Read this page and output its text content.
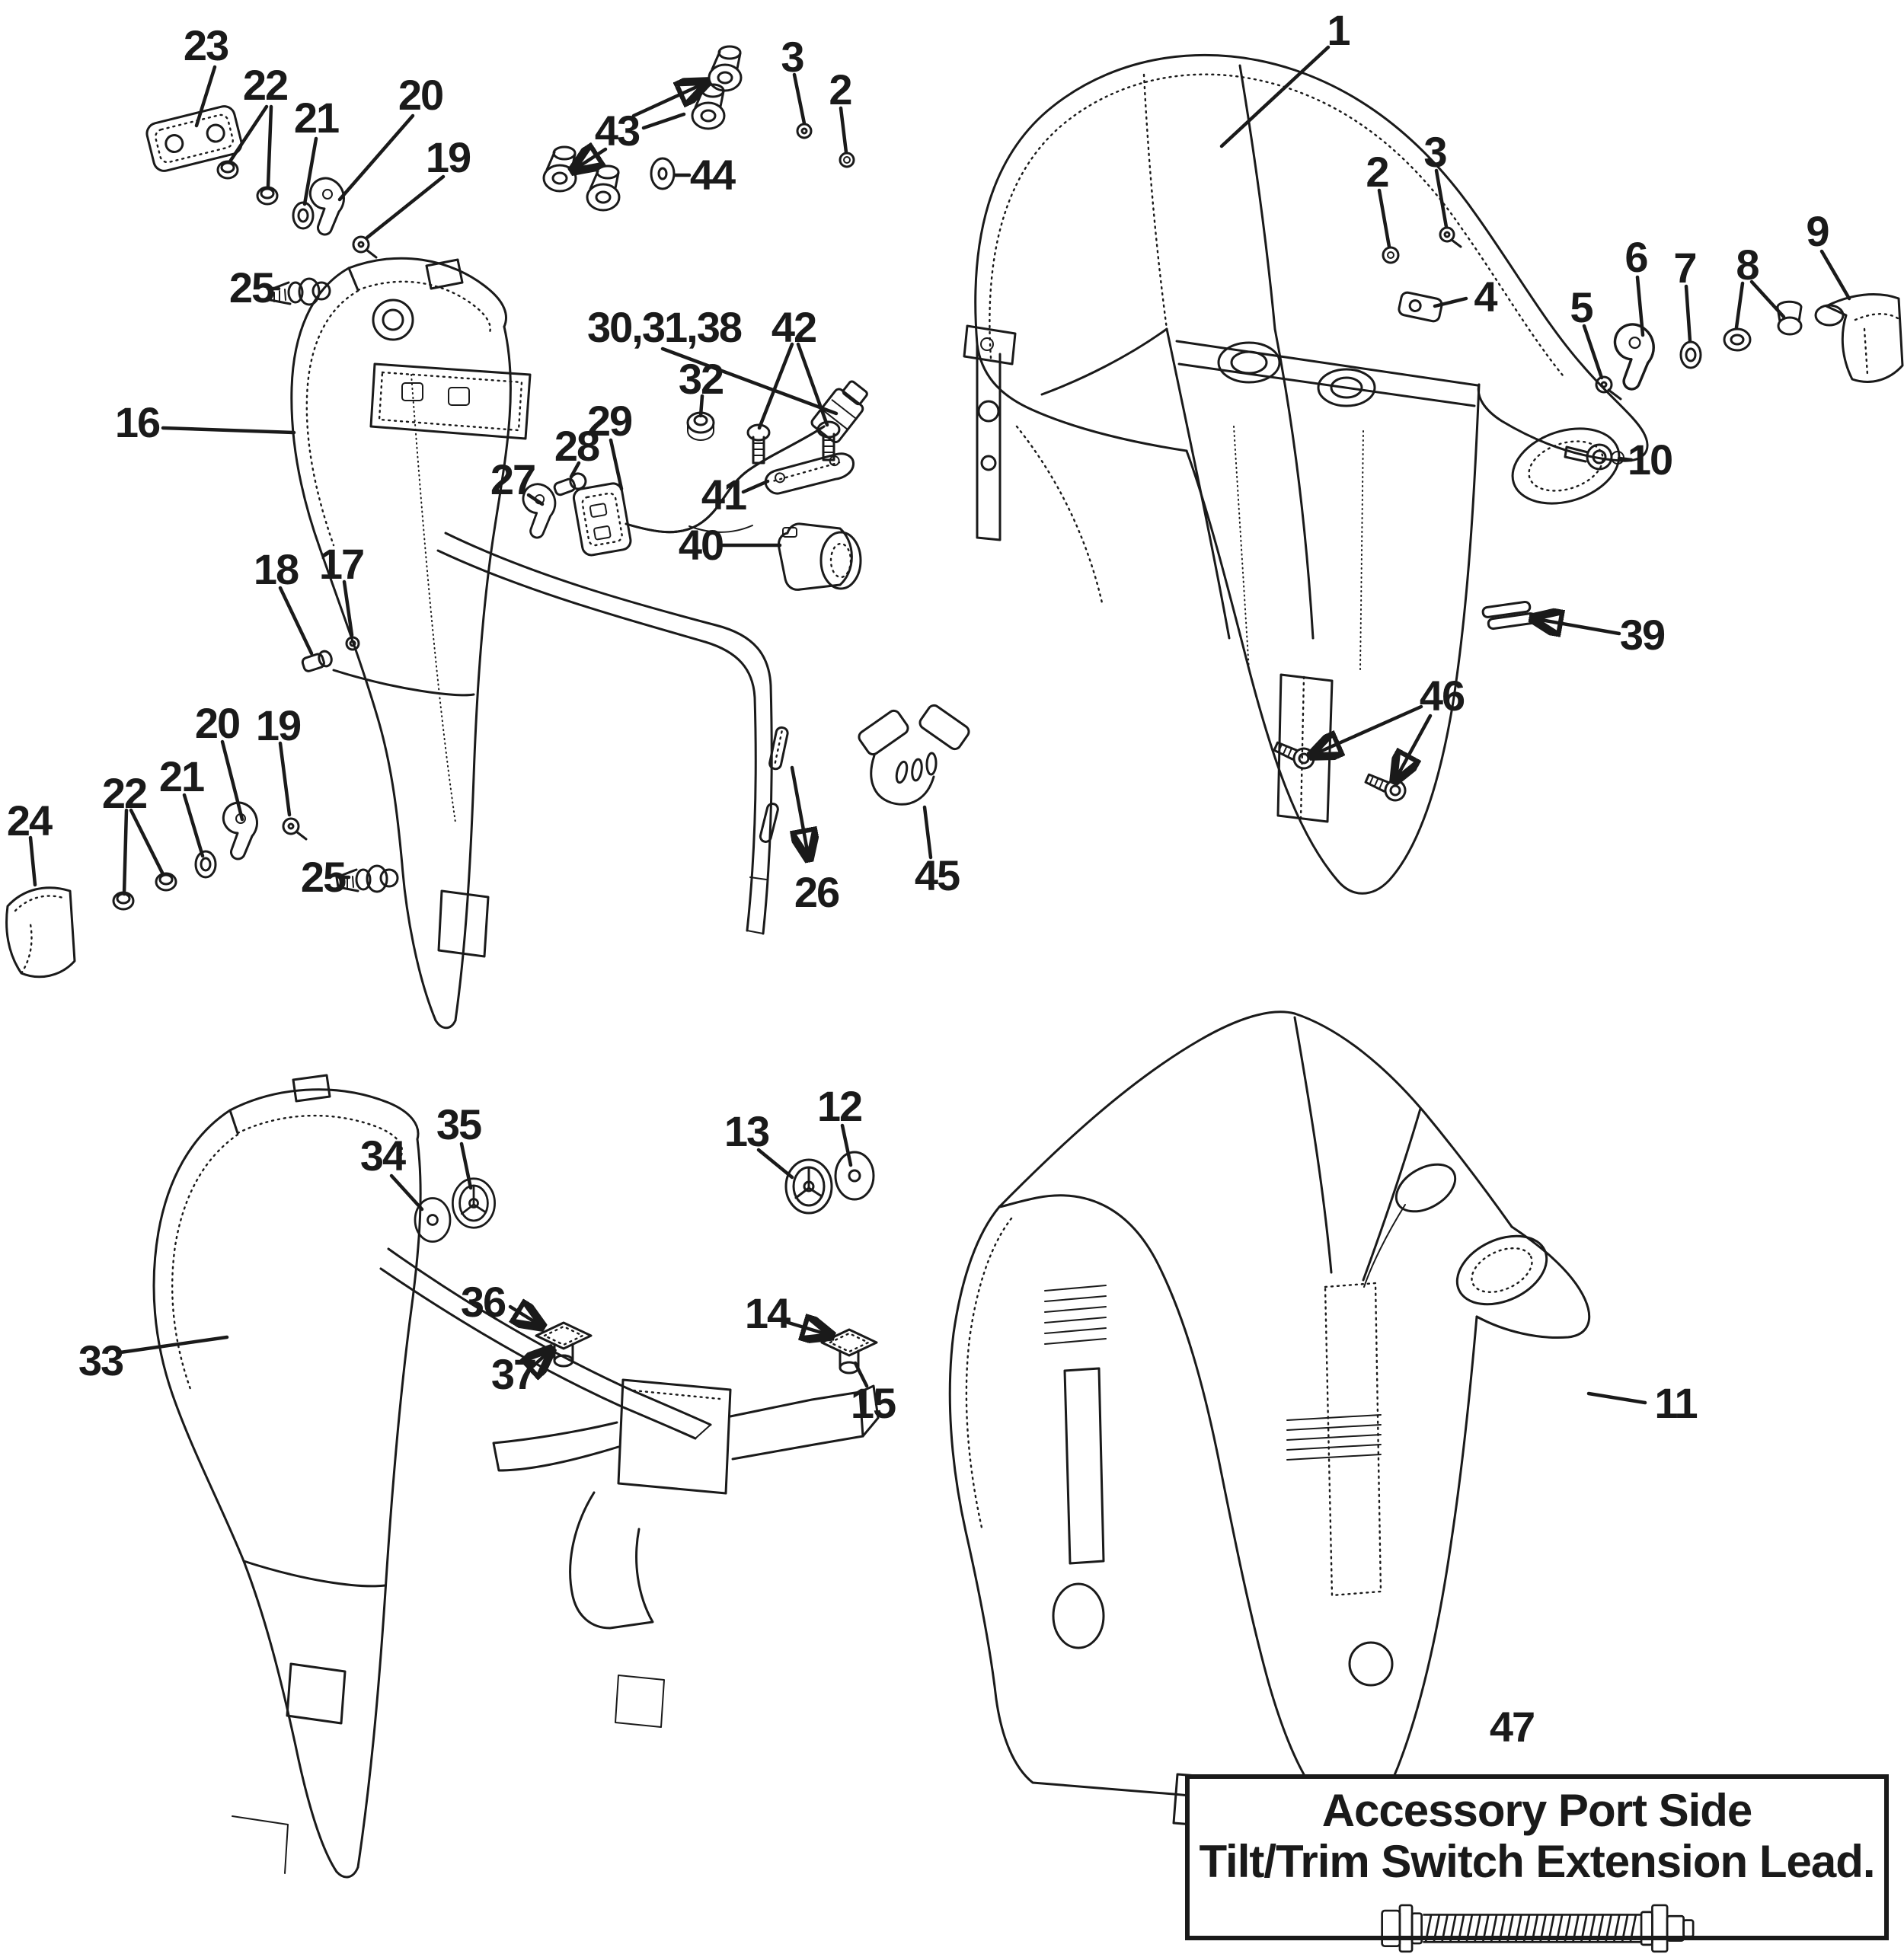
23
22
21 20
19
25
43
44
3
2
1
2 3
4 5
6 7 8
9
10
39
46
16
27
28
29
30,31,38
32
42
41
40
18 17
20 19
22 21
24
25	26 45
33
34
35
36
37
13
12
14
15	11
47
Accessory Port Side
Tilt/Trim Switch Extension Lead.
